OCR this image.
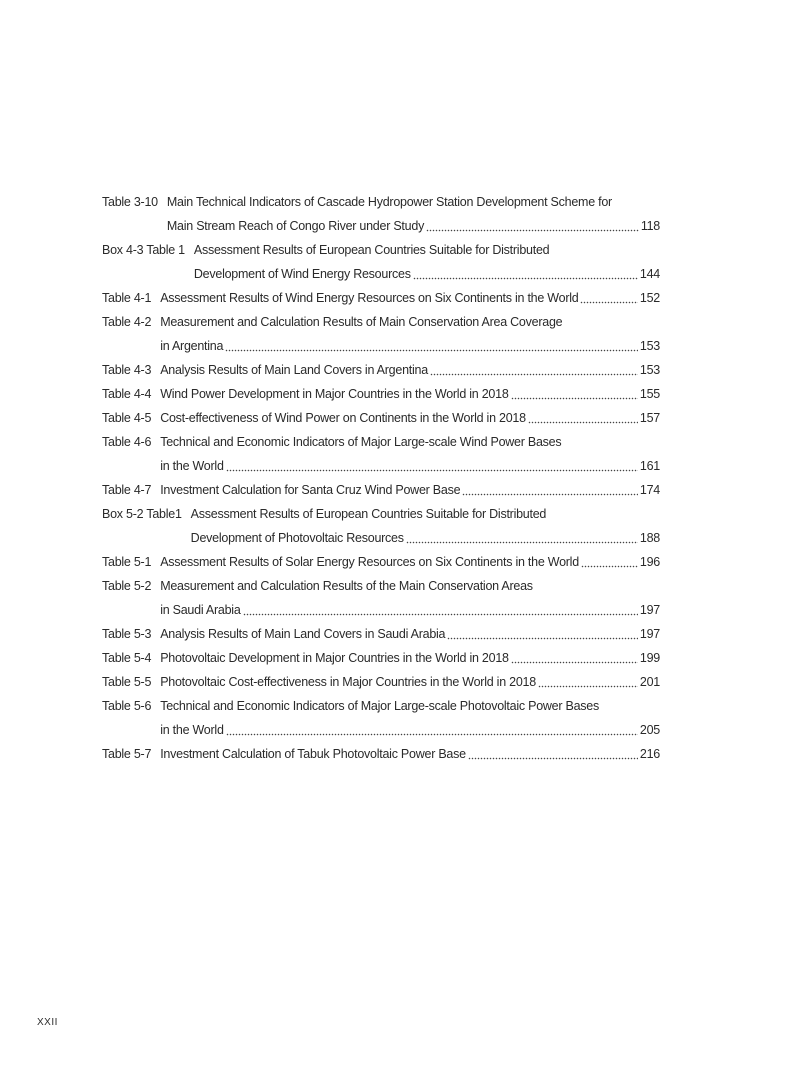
Table 3-10 Main Technical Indicators of Cascade Hydropower Station Development Scheme for
Main Stream Reach of Congo River under Study	118
Box 4-3 Table 1 Assessment Results of European Countries Suitable for Distributed
Development of Wind Energy Resources	144
Table 4-1 Assessment Results of Wind Energy Resources on Six Continents in the World	152
Table 4-2 Measurement and Calculation Results of Main Conservation Area Coverage
in Argentina	153
Table 4-3 Analysis Results of Main Land Covers in Argentina	153
Table 4-4 Wind Power Development in Major Countries in the World in 2018	155
Table 4-5 Cost-effectiveness of Wind Power on Continents in the World in 2018	157
Table 4-6 Technical and Economic Indicators of Major Large-scale Wind Power Bases
in the World	161
Table 4-7 Investment Calculation for Santa Cruz Wind Power Base	174
Box 5-2 Table1 Assessment Results of European Countries Suitable for Distributed
Development of Photovoltaic Resources	188
Table 5-1 Assessment Results of Solar Energy Resources on Six Continents in the World	196
Table 5-2 Measurement and Calculation Results of the Main Conservation Areas
in Saudi Arabia	197
Table 5-3 Analysis Results of Main Land Covers in Saudi Arabia	197
Table 5-4 Photovoltaic Development in Major Countries in the World in 2018	199
Table 5-5 Photovoltaic Cost-effectiveness in Major Countries in the World in 2018	201
Table 5-6 Technical and Economic Indicators of Major Large-scale Photovoltaic Power Bases
in the World	205
Table 5-7 Investment Calculation of Tabuk Photovoltaic Power Base	216
XXII
